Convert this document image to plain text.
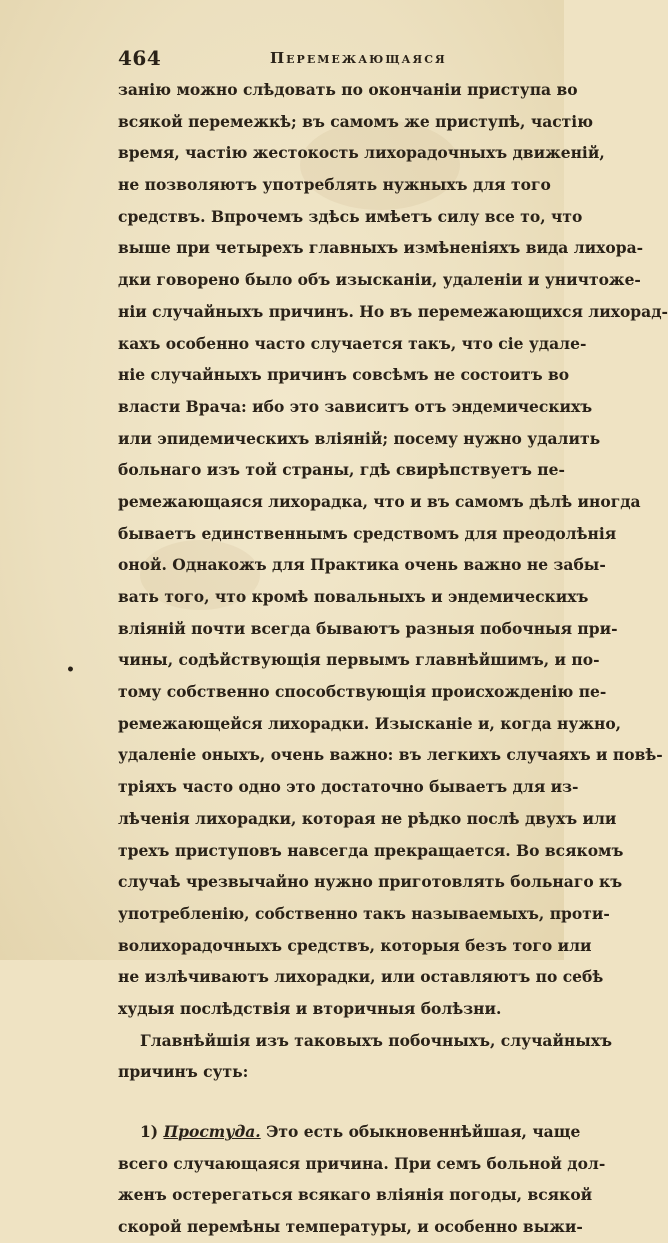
464	Перемежающаяся
•
занію можно слѣдовать по окончаніи приступа во
всякой перемежкѣ; въ самомъ же приступѣ, частію
время, частію жестокость лихорадочныхъ движеній,
не позволяютъ употреблять нужныхъ для того
средствъ. Впрочемъ здѣсь имѣетъ силу все то, что
выше при четырехъ главныхъ измѣненіяхъ вида лихора-
дки говорено было объ изысканіи, удаленіи и уничтоже-
ніи случайныхъ причинъ. Но въ перемежающихся лихорад-
кахъ особенно часто случается такъ, что сіе удале-
ніе случайныхъ причинъ совсѣмъ не состоитъ во
власти Врача: ибо это зависитъ отъ эндемическихъ
или эпидемическихъ вліяній; посему нужно удалить
больнаго изъ той страны, гдѣ свирѣпствуетъ пе-
ремежающаяся лихорадка, что и въ самомъ дѣлѣ иногда
бываетъ единственнымъ средствомъ для преодолѣнія
оной. Однакожъ для Практика очень важно не забы-
вать того, что кромѣ повальныхъ и эндемическихъ
вліяній почти всегда бываютъ разныя побочныя при-
чины, содѣйствующія первымъ главнѣйшимъ, и по-
тому собственно способствующія происхожденію пе-
ремежающейся лихорадки. Изысканіе и, когда нужно,
удаленіе оныхъ, очень важно: въ легкихъ случаяхъ и повѣ-
тріяхъ часто одно это достаточно бываетъ для из-
лѣченія лихорадки, которая не рѣдко послѣ двухъ или
трехъ приступовъ навсегда прекращается. Во всякомъ
случаѣ чрезвычайно нужно приготовлять больнаго къ
употребленію, собственно такъ называемыхъ, проти-
волихорадочныхъ средствъ, которыя безъ того или
не излѣчиваютъ лихорадки, или оставляютъ по себѣ
худыя послѣдствія и вторичныя болѣзни.
Главнѣйшія изъ таковыхъ побочныхъ, случайныхъ
причинъ суть:
1) Простуда. Это есть обыкновеннѣйшая, чаще
всего случающаяся причина. При семъ больной дол-
женъ остерегаться всякаго вліянія погоды, всякой
скорой перемѣны температуры, и особенно выжи-
